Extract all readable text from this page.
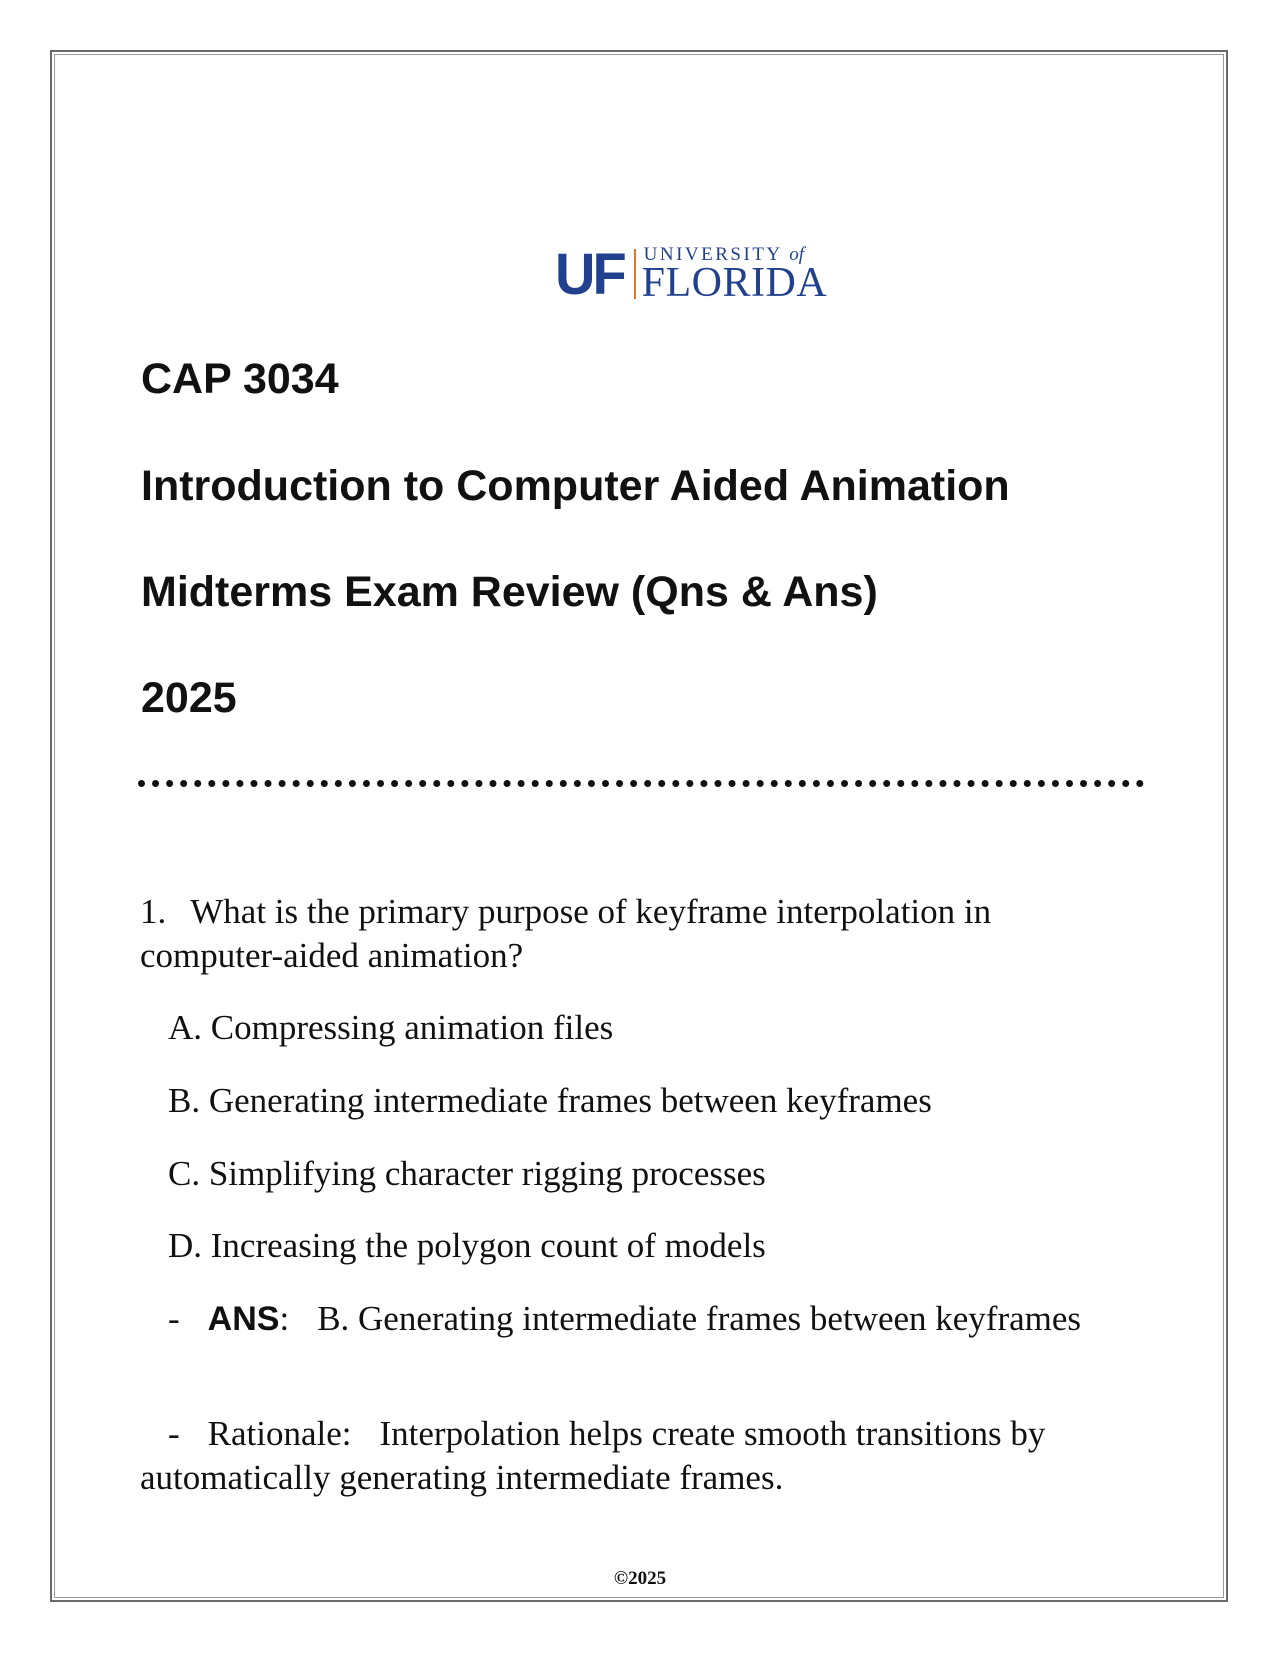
UF UNIVERSITY of
FLORIDA
CAP 3034
Introduction to Computer Aided Animation
Midterms Exam Review (Qns & Ans)
2025

1. What is the primary purpose of keyframe interpolation in computer-aided animation?

A. Compressing animation files
B. Generating intermediate frames between keyframes
C. Simplifying character rigging processes
D. Increasing the polygon count of models

- ANS: B. Generating intermediate frames between keyframes

- Rationale: Interpolation helps create smooth transitions by automatically generating intermediate frames.

©2025
